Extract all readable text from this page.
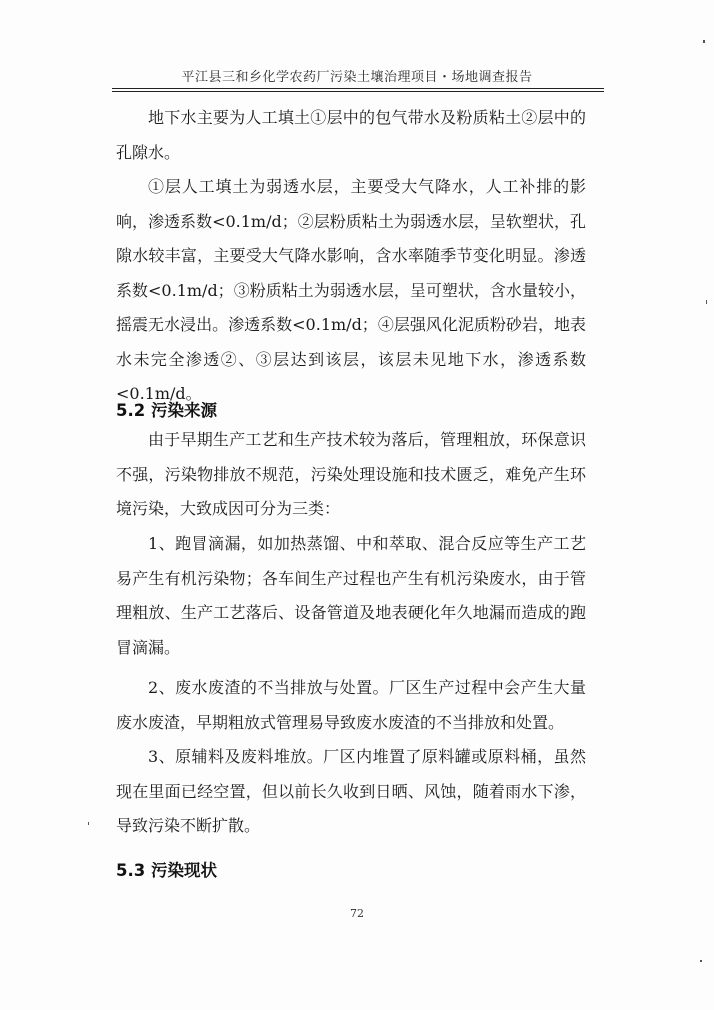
平江县三和乡化学农药厂污染土壤治理项目・场地调查报告
地下水主要为人工填土①层中的包气带水及粉质粘土②层中的孔隙水。
①层人工填土为弱透水层，主要受大气降水，人工补排的影响，渗透系数<0.1m/d；②层粉质粘土为弱透水层，呈软塑状，孔隙水较丰富，主要受大气降水影响，含水率随季节变化明显。渗透系数<0.1m/d；③粉质粘土为弱透水层，呈可塑状，含水量较小，摇震无水浸出。渗透系数<0.1m/d；④层强风化泥质粉砂岩，地表水未完全渗透②、③层达到该层，该层未见地下水，渗透系数<0.1m/d。
5.2 污染来源
由于早期生产工艺和生产技术较为落后，管理粗放，环保意识不强，污染物排放不规范，污染处理设施和技术匮乏，难免产生环境污染，大致成因可分为三类：
1、跑冒滴漏，如加热蒸馏、中和萃取、混合反应等生产工艺易产生有机污染物；各车间生产过程也产生有机污染废水，由于管理粗放、生产工艺落后、设备管道及地表硬化年久地漏而造成的跑冒滴漏。
2、废水废渣的不当排放与处置。厂区生产过程中会产生大量废水废渣，早期粗放式管理易导致废水废渣的不当排放和处置。
3、原辅料及废料堆放。厂区内堆置了原料罐或原料桶，虽然现在里面已经空置，但以前长久收到日晒、风蚀，随着雨水下渗，导致污染不断扩散。
5.3 污染现状
72
